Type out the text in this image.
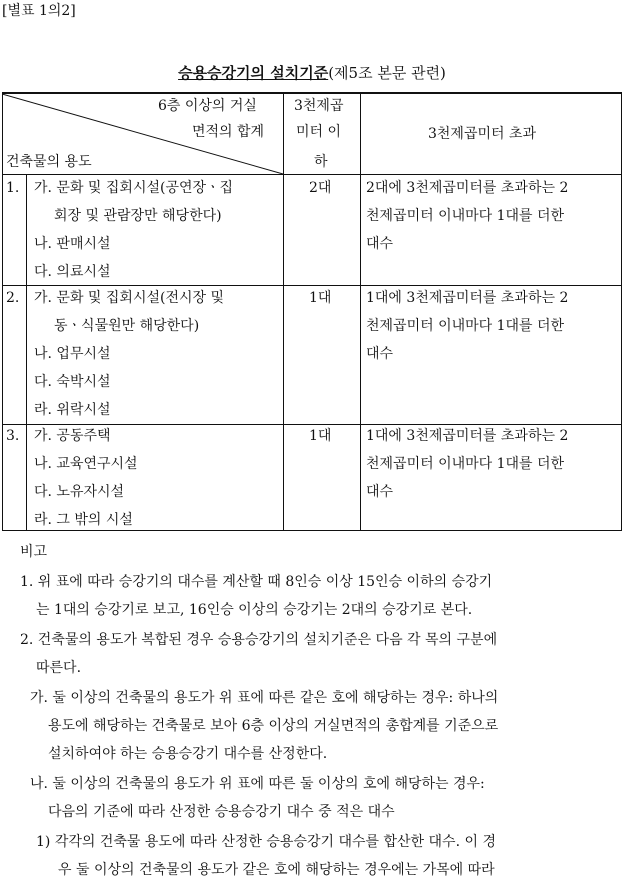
[별표 1의2]
승용승강기의 설치기준(제5조 본문 관련)
6층 이상의 거실
면적의 합계
건축물의 용도
3천제곱
미터 이
하
3천제곱미터 초과
1. 가. 문화 및 집회시설(공연장ㆍ집
회장 및 관람장만 해당한다)
나. 판매시설
다. 의료시설
2대 2대에 3천제곱미터를 초과하는 2
천제곱미터 이내마다 1대를 더한
대수
2. 가. 문화 및 집회시설(전시장 및
동ㆍ식물원만 해당한다)
나. 업무시설
다. 숙박시설
라. 위락시설
1대 1대에 3천제곱미터를 초과하는 2
천제곱미터 이내마다 1대를 더한
대수
3. 가. 공동주택
나. 교육연구시설
다. 노유자시설
라. 그 밖의 시설
1대 1대에 3천제곱미터를 초과하는 2
천제곱미터 이내마다 1대를 더한
대수
비고
1. 위 표에 따라 승강기의 대수를 계산할 때 8인승 이상 15인승 이하의 승강기
는 1대의 승강기로 보고, 16인승 이상의 승강기는 2대의 승강기로 본다.
2. 건축물의 용도가 복합된 경우 승용승강기의 설치기준은 다음 각 목의 구분에
따른다.
가. 둘 이상의 건축물의 용도가 위 표에 따른 같은 호에 해당하는 경우: 하나의
용도에 해당하는 건축물로 보아 6층 이상의 거실면적의 총합계를 기준으로
설치하여야 하는 승용승강기 대수를 산정한다.
나. 둘 이상의 건축물의 용도가 위 표에 따른 둘 이상의 호에 해당하는 경우:
다음의 기준에 따라 산정한 승용승강기 대수 중 적은 대수
1) 각각의 건축물 용도에 따라 산정한 승용승강기 대수를 합산한 대수. 이 경
우 둘 이상의 건축물의 용도가 같은 호에 해당하는 경우에는 가목에 따라
